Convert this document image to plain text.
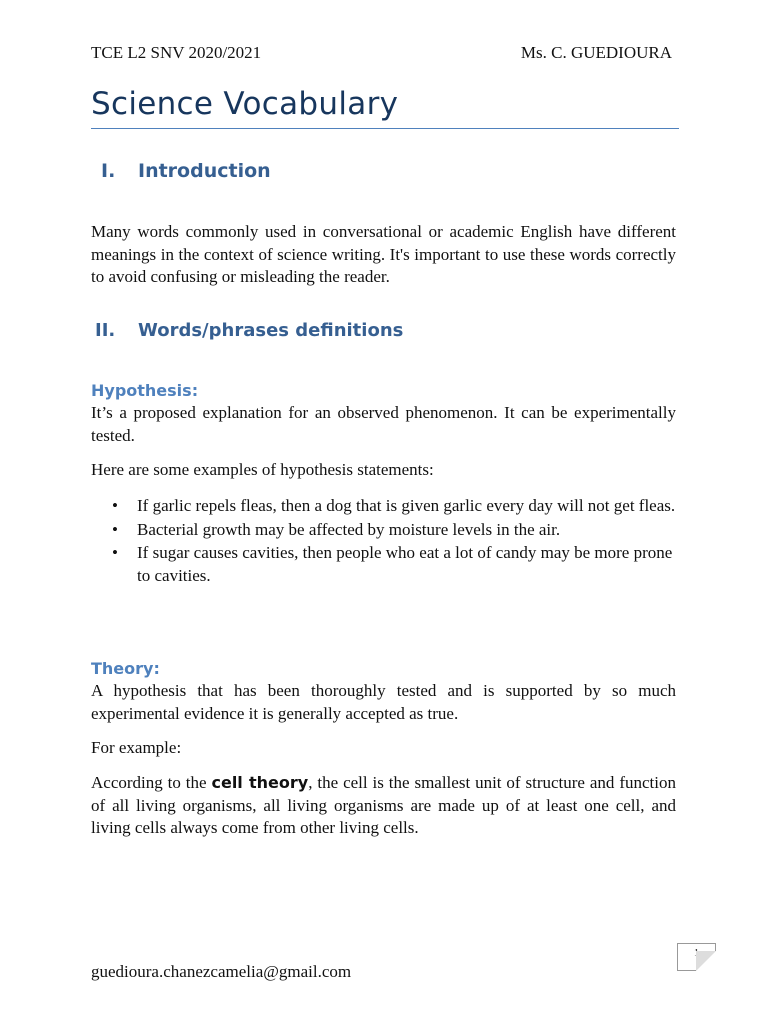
TCE L2 SNV 2020/2021	Ms. C. GUEDIOURA
Science Vocabulary
I. Introduction
Many words commonly used in conversational or academic English have different meanings in the context of science writing. It's important to use these words correctly to avoid confusing or misleading the reader.
II. Words/phrases definitions
Hypothesis:
It’s a proposed explanation for an observed phenomenon. It can be experimentally tested.
Here are some examples of hypothesis statements:
• If garlic repels fleas, then a dog that is given garlic every day will not get fleas.
• Bacterial growth may be affected by moisture levels in the air.
• If sugar causes cavities, then people who eat a lot of candy may be more prone to cavities.
Theory:
A hypothesis that has been thoroughly tested and is supported by so much experimental evidence it is generally accepted as true.
For example:
According to the cell theory, the cell is the smallest unit of structure and function of all living organisms, all living organisms are made up of at least one cell, and living cells always come from other living cells.
guedioura.chanezcamelia@gmail.com
1
